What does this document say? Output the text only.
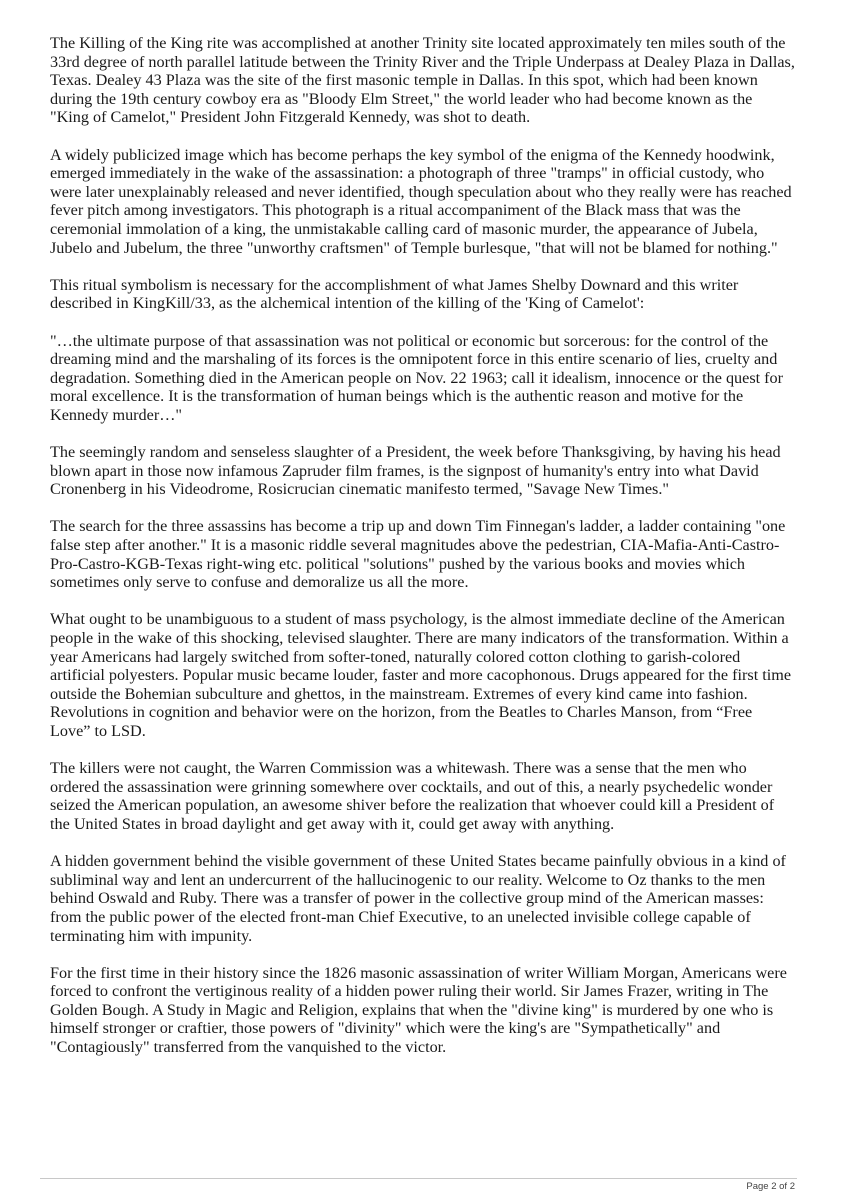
The Killing of the King rite was accomplished at another Trinity site located approximately ten miles south of the 33rd degree of north parallel latitude between the Trinity River and the Triple Underpass at Dealey Plaza in Dallas, Texas. Dealey 43 Plaza was the site of the first masonic temple in Dallas. In this spot, which had been known during the 19th century cowboy era as "Bloody Elm Street," the world leader who had become known as the "King of Camelot," President John Fitzgerald Kennedy, was shot to death.

A widely publicized image which has become perhaps the key symbol of the enigma of the Kennedy hoodwink, emerged immediately in the wake of the assassination: a photograph of three "tramps" in official custody, who were later unexplainably released and never identified, though speculation about who they really were has reached fever pitch among investigators. This photograph is a ritual accompaniment of the Black mass that was the ceremonial immolation of a king, the unmistakable calling card of masonic murder, the appearance of Jubela, Jubelo and Jubelum, the three "unworthy craftsmen" of Temple burlesque, "that will not be blamed for nothing."

This ritual symbolism is necessary for the accomplishment of what James Shelby Downard and this writer described in KingKill/33, as the alchemical intention of the killing of the 'King of Camelot':

"…the ultimate purpose of that assassination was not political or economic but sorcerous: for the control of the dreaming mind and the marshaling of its forces is the omnipotent force in this entire scenario of lies, cruelty and degradation. Something died in the American people on Nov. 22 1963; call it idealism, innocence or the quest for moral excellence. It is the transformation of human beings which is the authentic reason and motive for the Kennedy murder…"

The seemingly random and senseless slaughter of a President, the week before Thanksgiving, by having his head blown apart in those now infamous Zapruder film frames, is the signpost of humanity's entry into what David Cronenberg in his Videodrome, Rosicrucian cinematic manifesto termed, "Savage New Times."

The search for the three assassins has become a trip up and down Tim Finnegan's ladder, a ladder containing "one false step after another." It is a masonic riddle several magnitudes above the pedestrian, CIA-Mafia-Anti-Castro-Pro-Castro-KGB-Texas right-wing etc. political "solutions" pushed by the various books and movies which sometimes only serve to confuse and demoralize us all the more.

What ought to be unambiguous to a student of mass psychology, is the almost immediate decline of the American people in the wake of this shocking, televised slaughter. There are many indicators of the transformation. Within a year Americans had largely switched from softer-toned, naturally colored cotton clothing to garish-colored artificial polyesters. Popular music became louder, faster and more cacophonous. Drugs appeared for the first time outside the Bohemian subculture and ghettos, in the mainstream. Extremes of every kind came into fashion. Revolutions in cognition and behavior were on the horizon, from the Beatles to Charles Manson, from “Free Love” to LSD.

The killers were not caught, the Warren Commission was a whitewash. There was a sense that the men who ordered the assassination were grinning somewhere over cocktails, and out of this, a nearly psychedelic wonder seized the American population, an awesome shiver before the realization that whoever could kill a President of the United States in broad daylight and get away with it, could get away with anything.

A hidden government behind the visible government of these United States became painfully obvious in a kind of subliminal way and lent an undercurrent of the hallucinogenic to our reality. Welcome to Oz thanks to the men behind Oswald and Ruby. There was a transfer of power in the collective group mind of the American masses: from the public power of the elected front-man Chief Executive, to an unelected invisible college capable of terminating him with impunity.

For the first time in their history since the 1826 masonic assassination of writer William Morgan, Americans were forced to confront the vertiginous reality of a hidden power ruling their world. Sir James Frazer, writing in The Golden Bough. A Study in Magic and Religion, explains that when the "divine king" is murdered by one who is himself stronger or craftier, those powers of "divinity" which were the king's are "Sympathetically" and "Contagiously" transferred from the vanquished to the victor.

Page 2 of 2
